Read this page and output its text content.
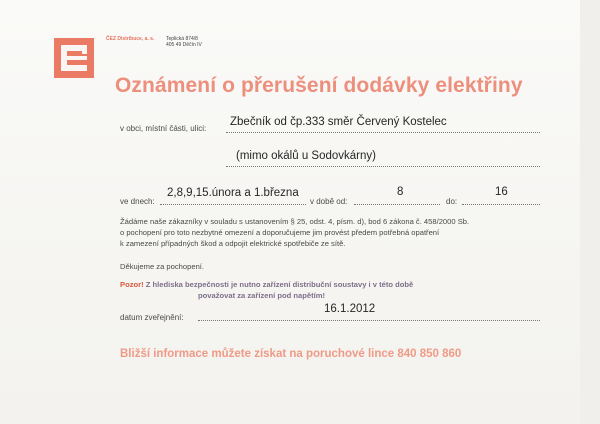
ČEZ Distribuce, a. s. Teplická 874/8
405 49 Děčín IV
Oznámení o přerušení dodávky elektřiny
v obci, místní části, ulici:
Zbečník od čp.333 směr Červený Kostelec
(mimo okálů u Sodovkárny)
ve dnech:
2,8,9,15.února a 1.března
v době od:
8
do:
16
Žádáme naše zákazníky v souladu s ustanovením § 25, odst. 4, písm. d), bod 6 zákona č. 458/2000 Sb.
o pochopení pro toto nezbytné omezení a doporučujeme jim provést předem potřebná opatření
k zamezení případných škod a odpojit elektrické spotřebiče ze sítě.
Děkujeme za pochopení.
Pozor! Z hlediska bezpečnosti je nutno zařízení distribuční soustavy i v této době
považovat za zařízení pod napětím!
datum zveřejnění:
16.1.2012
Bližší informace můžete získat na poruchové lince 840 850 860
